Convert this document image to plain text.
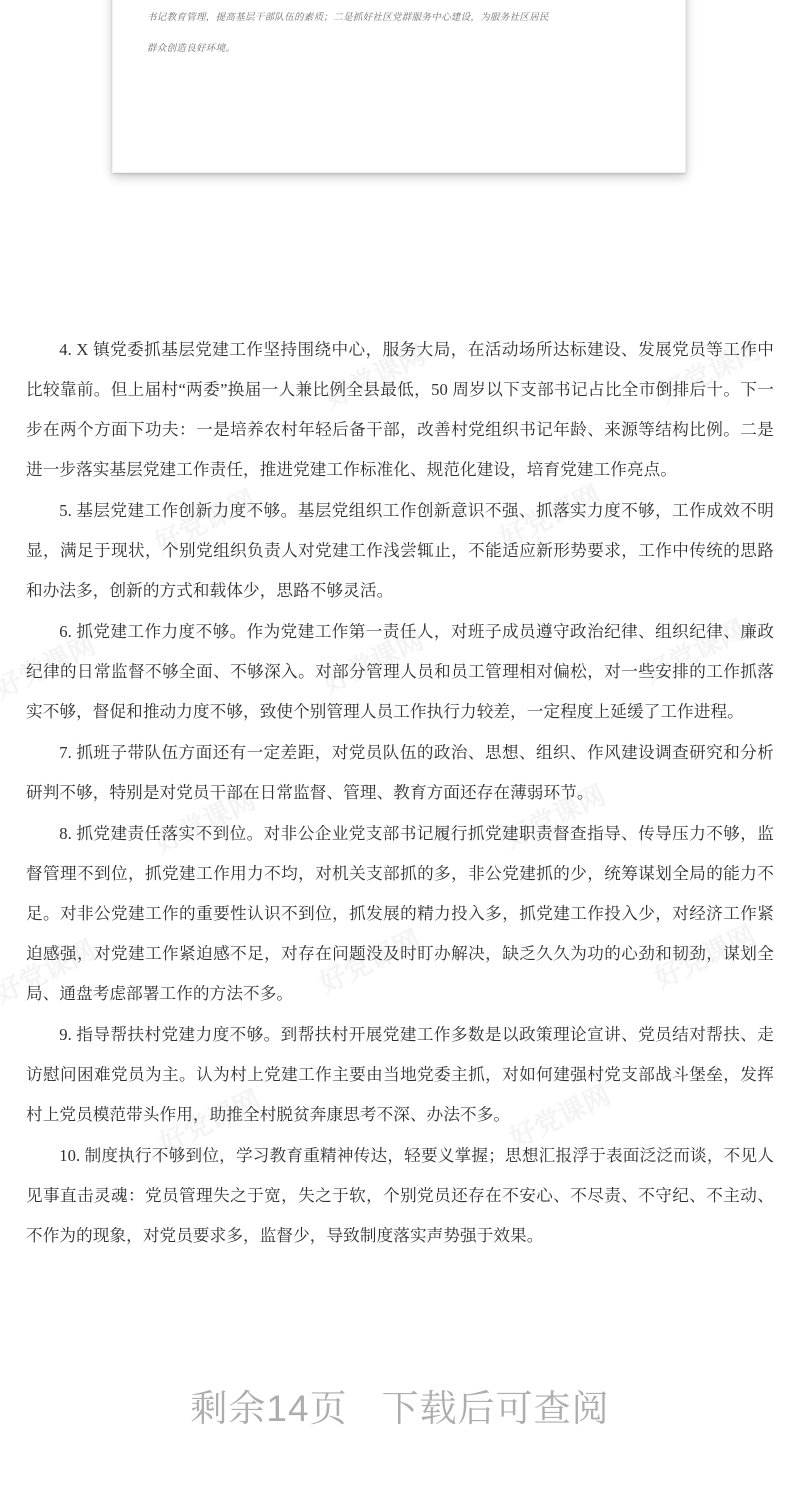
书记教育管理，提高基层干部队伍的素质；二是抓好社区党群服务中心建设，为服务社区居民
群众创造良好环境。

4. X 镇党委抓基层党建工作坚持围绕中心，服务大局，在活动场所达标建设、发展党员等工作中比较靠前。但上届村“两委”换届一人兼比例全县最低，50 周岁以下支部书记占比全市倒排后十。下一步在两个方面下功夫：一是培养农村年轻后备干部，改善村党组织书记年龄、来源等结构比例。二是进一步落实基层党建工作责任，推进党建工作标准化、规范化建设，培育党建工作亮点。

5. 基层党建工作创新力度不够。基层党组织工作创新意识不强、抓落实力度不够，工作成效不明显，满足于现状，个别党组织负责人对党建工作浅尝辄止，不能适应新形势要求，工作中传统的思路和办法多，创新的方式和载体少，思路不够灵活。

6. 抓党建工作力度不够。作为党建工作第一责任人，对班子成员遵守政治纪律、组织纪律、廉政纪律的日常监督不够全面、不够深入。对部分管理人员和员工管理相对偏松，对一些安排的工作抓落实不够，督促和推动力度不够，致使个别管理人员工作执行力较差，一定程度上延缓了工作进程。

7. 抓班子带队伍方面还有一定差距，对党员队伍的政治、思想、组织、作风建设调查研究和分析研判不够，特别是对党员干部在日常监督、管理、教育方面还存在薄弱环节。

8. 抓党建责任落实不到位。对非公企业党支部书记履行抓党建职责督查指导、传导压力不够，监督管理不到位，抓党建工作用力不均，对机关支部抓的多，非公党建抓的少，统筹谋划全局的能力不足。对非公党建工作的重要性认识不到位，抓发展的精力投入多，抓党建工作投入少，对经济工作紧迫感强，对党建工作紧迫感不足，对存在问题没及时盯办解决，缺乏久久为功的心劲和韧劲，谋划全局、通盘考虑部署工作的方法不多。

9. 指导帮扶村党建力度不够。到帮扶村开展党建工作多数是以政策理论宣讲、党员结对帮扶、走访慰问困难党员为主。认为村上党建工作主要由当地党委主抓，对如何建强村党支部战斗堡垒，发挥村上党员模范带头作用，助推全村脱贫奔康思考不深、办法不多。

10. 制度执行不够到位，学习教育重精神传达，轻要义掌握；思想汇报浮于表面泛泛而谈，不见人见事直击灵魂：党员管理失之于宽，失之于软，个别党员还存在不安心、不尽责、不守纪、不主动、不作为的现象，对党员要求多，监督少，导致制度落实声势强于效果。

剩余14页 下载后可查阅
